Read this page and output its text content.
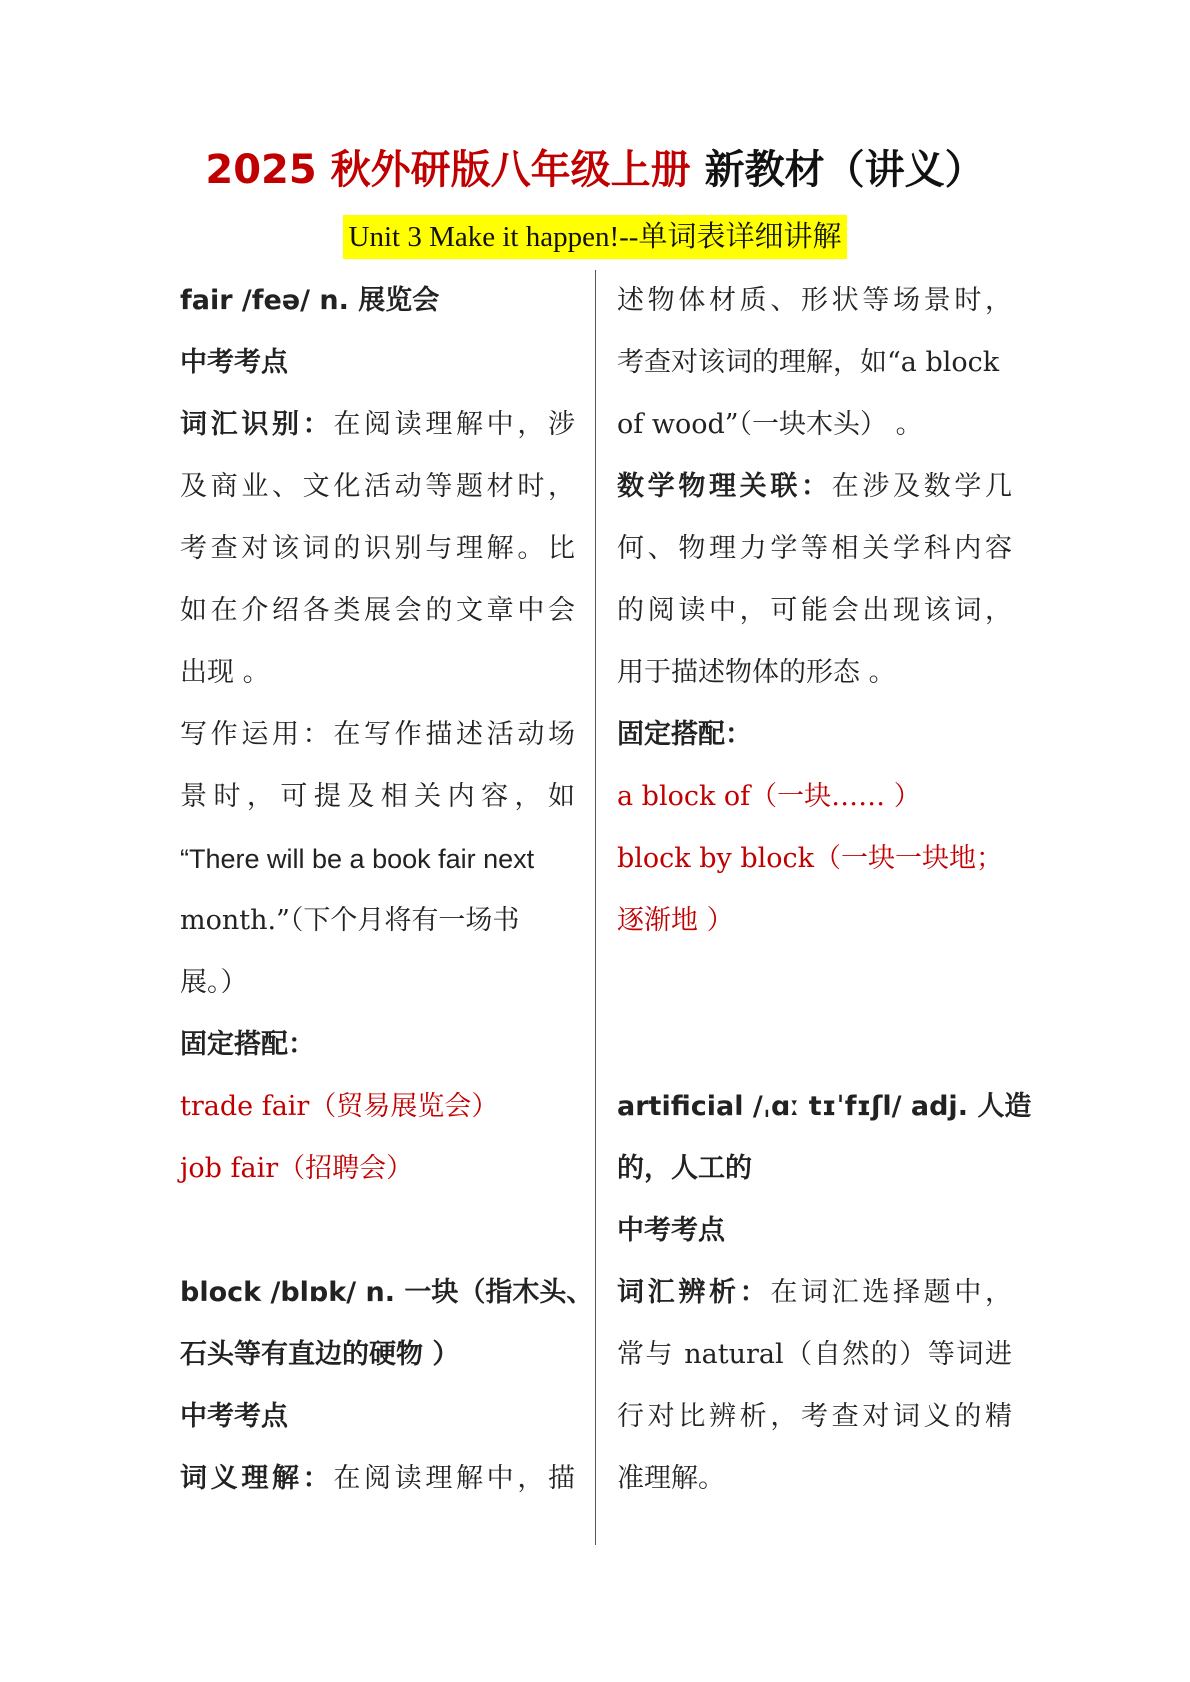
2025 秋外研版八年级上册 新教材（讲义）
Unit 3 Make it happen!--单词表详细讲解
fair /feə/ n. 展览会
中考考点
词汇识别：在阅读理解中，涉
及商业、文化活动等题材时，
考查对该词的识别与理解。比
如在介绍各类展会的文章中会
出现 。
写作运用：在写作描述活动场
景时，可提及相关内容，如
“There will be a book fair next
month.”（下个月将有一场书
展。）
固定搭配：
trade fair（贸易展览会）
job fair（招聘会）
block /blɒk/ n. 一块（指木头、
石头等有直边的硬物 ）
中考考点
词义理解：在阅读理解中，描
述物体材质、形状等场景时，
考查对该词的理解，如“a block
of wood”（一块木头） 。
数学物理关联：在涉及数学几
何、物理力学等相关学科内容
的阅读中，可能会出现该词，
用于描述物体的形态 。
固定搭配：
a block of（一块…… ）
block by block（一块一块地；
逐渐地 ）
artificial /ˌɑː tɪˈfɪʃl/ adj. 人造
的，人工的
中考考点
词汇辨析：在词汇选择题中，
常与 natural（自然的）等词进
行对比辨析，考查对词义的精
准理解。
